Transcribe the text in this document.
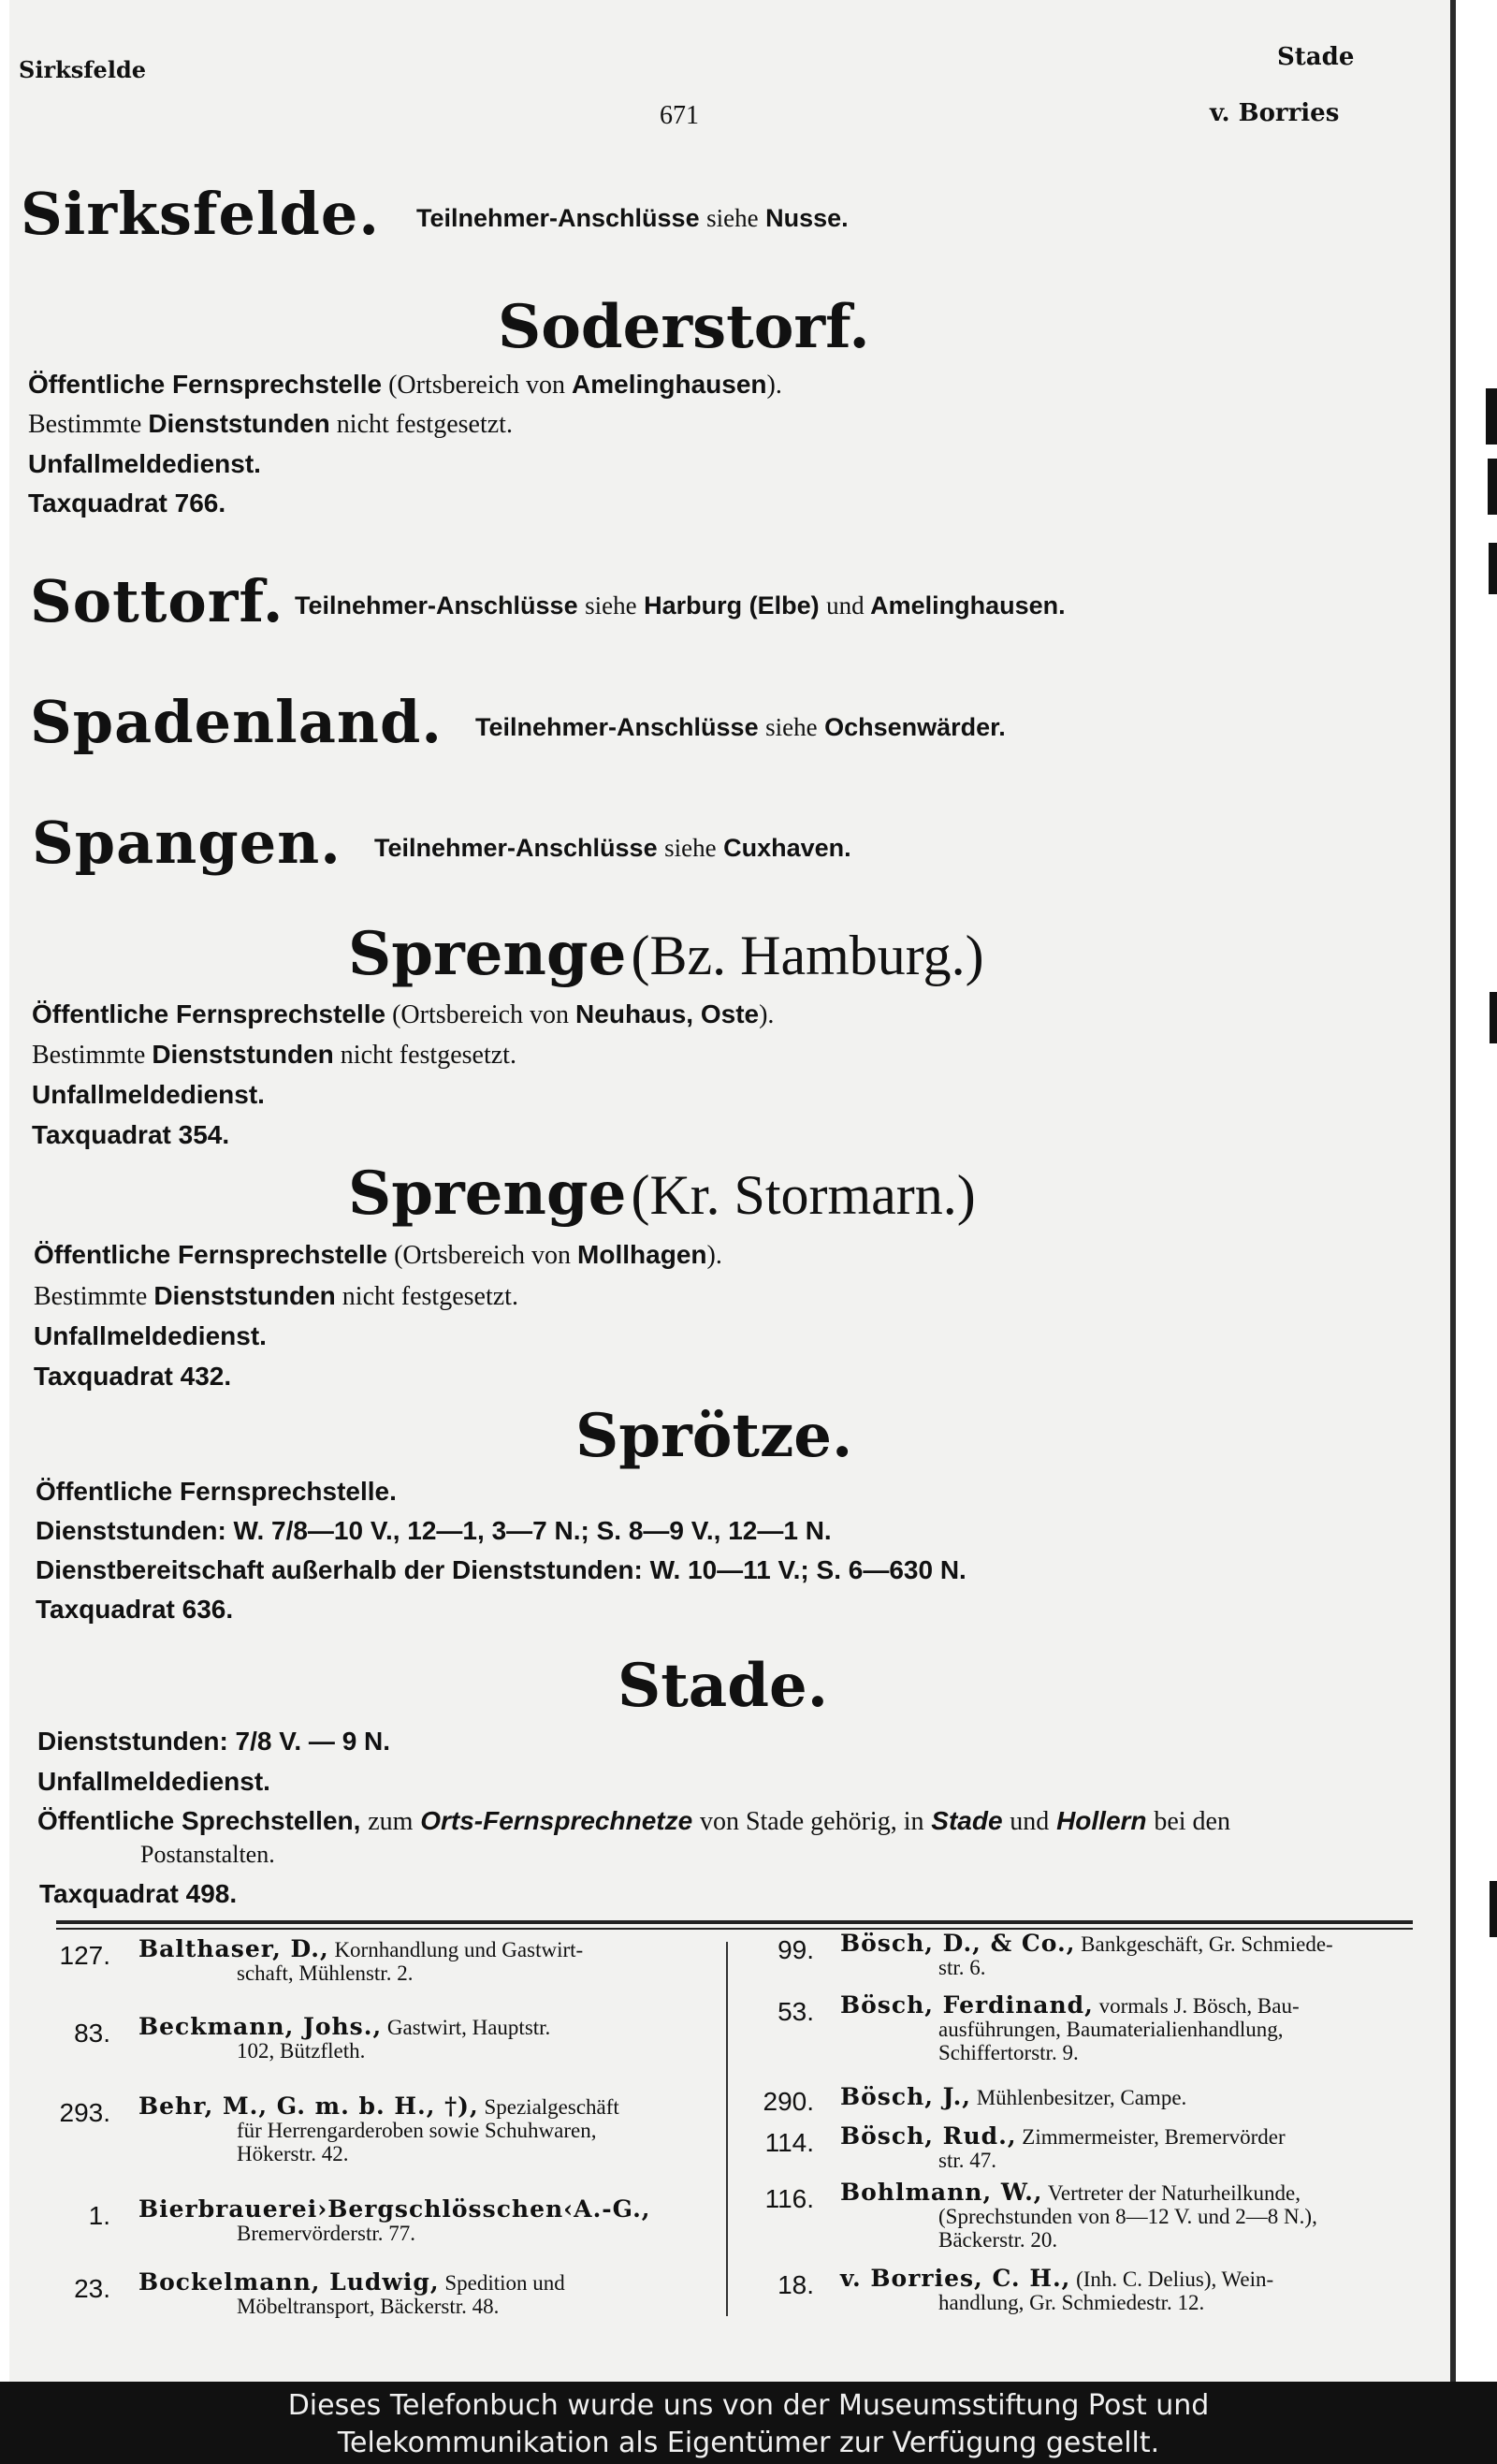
Sirksfelde
671
Stade
v. Borries
Sirksfelde. Teilnehmer-Anschlüsse siehe Nusse.
Soderstorf.
Öffentliche Fernsprechstelle (Ortsbereich von Amelinghausen).
Bestimmte Dienststunden nicht festgesetzt.
Unfallmeldedienst.
Taxquadrat 766.
Sottorf. Teilnehmer-Anschlüsse siehe Harburg (Elbe) und Amelinghausen.
Spadenland. Teilnehmer-Anschlüsse siehe Ochsenwärder.
Spangen. Teilnehmer-Anschlüsse siehe Cuxhaven.
Sprenge (Bz. Hamburg.)
Öffentliche Fernsprechstelle (Ortsbereich von Neuhaus, Oste).
Bestimmte Dienststunden nicht festgesetzt.
Unfallmeldedienst.
Taxquadrat 354.
Sprenge (Kr. Stormarn.)
Öffentliche Fernsprechstelle (Ortsbereich von Mollhagen).
Bestimmte Dienststunden nicht festgesetzt.
Unfallmeldedienst.
Taxquadrat 432.
Sprötze.
Öffentliche Fernsprechstelle.
Dienststunden: W. 7/8—10 V., 12—1, 3—7 N.; S. 8—9 V., 12—1 N.
Dienstbereitschaft außerhalb der Dienststunden: W. 10—11 V.; S. 6—630 N.
Taxquadrat 636.
Stade.
Dienststunden: 7/8 V. — 9 N.
Unfallmeldedienst.
Öffentliche Sprechstellen, zum Orts-Fernsprechnetze von Stade gehörig, in Stade und Hollern bei den
Postanstalten.
Taxquadrat 498.
127. Balthaser, D., Kornhandlung und Gastwirt-
schaft, Mühlenstr. 2.
83. Beckmann, Johs., Gastwirt, Hauptstr.
102, Bützfleth.
293. Behr, M., G. m. b. H., †), Spezialgeschäft
für Herrengarderoben sowie Schuhwaren,
Hökerstr. 42.
1. Bierbrauerei›Bergschlösschen‹A.-G.,
Bremervörderstr. 77.
23. Bockelmann, Ludwig, Spedition und
Möbeltransport, Bäckerstr. 48.
99. Bösch, D., & Co., Bankgeschäft, Gr. Schmiede-
str. 6.
53. Bösch, Ferdinand, vormals J. Bösch, Bau-
ausführungen, Baumaterialienhandlung,
Schiffertorstr. 9.
290. Bösch, J., Mühlenbesitzer, Campe.
114. Bösch, Rud., Zimmermeister, Bremervörder
str. 47.
116. Bohlmann, W., Vertreter der Naturheilkunde,
(Sprechstunden von 8—12 V. und 2—8 N.),
Bäckerstr. 20.
18. v. Borries, C. H., (Inh. C. Delius), Wein-
handlung, Gr. Schmiedestr. 12.
Dieses Telefonbuch wurde uns von der Museumsstiftung Post und
Telekommunikation als Eigentümer zur Verfügung gestellt.
